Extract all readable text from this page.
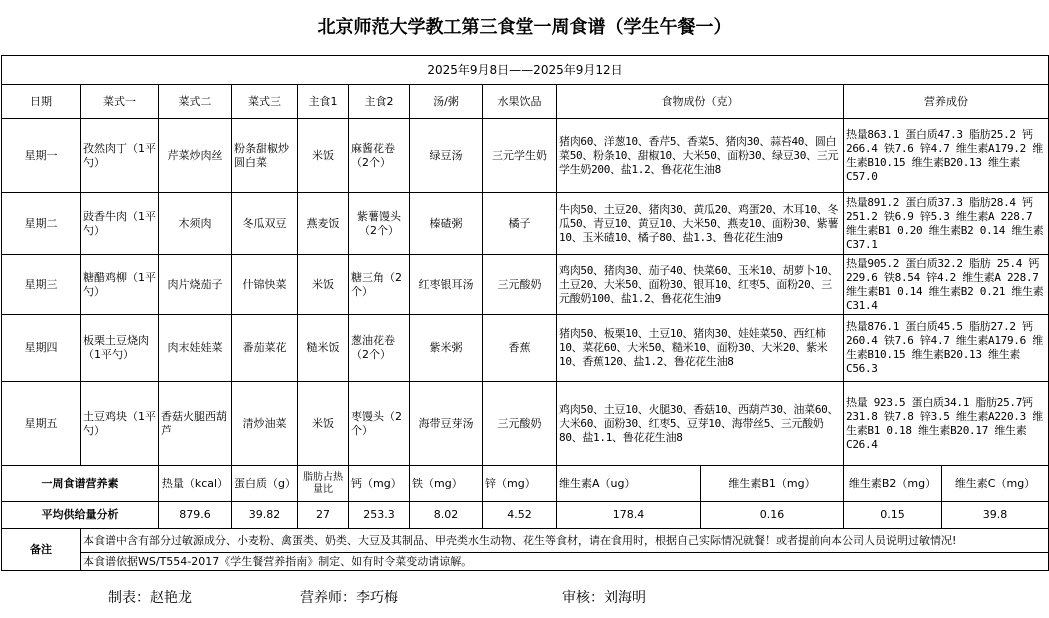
北京师范大学教工第三食堂一周食谱（学生午餐一）
2025年9月8日——2025年9月12日											
日期	菜式一	菜式二	菜式三	主食1	主食2	汤/粥	水果饮品	食物成份（克）		营养成份	
星期一	孜然肉丁（1平勺）	芹菜炒肉丝	粉条甜椒炒圆白菜	米饭	麻酱花卷（2个）	绿豆汤	三元学生奶	猪肉60、洋葱10、香芹5、香菜5、猪肉30、蒜苔40、圆白菜50、粉条10、甜椒10、大米50、面粉30、绿豆30、三元学生奶200、盐1.2、鲁花花生油8		热量863.1 蛋白质47.3 脂肪25.2 钙266.4 铁7.6 锌4.7 维生素A179.2 维生素B10.15 维生素B20.13 维生素C57.0	
星期二	豉香牛肉（1平勺）	木须肉	冬瓜双豆	燕麦饭	紫薯馒头（2个）	榛碴粥	橘子	牛肉50、土豆20、猪肉30、黄瓜20、鸡蛋20、木耳10、冬瓜50、青豆10、黄豆10、大米50、燕麦10、面粉30、紫薯10、玉米碴10、橘子80、盐1.3、鲁花花生油9		热量891.2 蛋白质37.3 脂肪28.4 钙251.2 铁6.9 锌5.3 维生素A 228.7 维生素B1 0.20 维生素B2 0.14 维生素C37.1	
星期三	糖醋鸡柳（1平勺）	肉片烧茄子	什锦快菜	米饭	糖三角（2个）	红枣银耳汤	三元酸奶	鸡肉50、猪肉30、茄子40、快菜60、玉米10、胡萝卜10、土豆20、大米50、面粉30、银耳10、红枣5、面粉20、三元酸奶100、盐1.2、鲁花花生油9		热量905.2 蛋白质32.2 脂肪 25.4 钙229.6 铁8.54 锌4.2 维生素A 228.7 维生素B1 0.14 维生素B2 0.21 维生素C31.4	
星期四	板栗土豆烧肉（1平勺）	肉末娃娃菜	番茄菜花	糙米饭	葱油花卷（2个）	紫米粥	香蕉	猪肉50、板栗10、土豆10、猪肉30、娃娃菜50、西红柿10、菜花60、大米50、糙米10、面粉30、大米20、紫米10、香蕉120、盐1.2、鲁花花生油8		热量876.1 蛋白质45.5 脂肪27.2 钙260.4 铁7.6 锌4.7 维生素A179.6 维生素B10.15 维生素B20.13 维生素C56.3	
星期五	土豆鸡块（1平勺）	香菇火腿西葫芦	清炒油菜	米饭	枣馒头（2个）	海带豆芽汤	三元酸奶	鸡肉50、土豆10、火腿30、香菇10、西葫芦30、油菜60、大米60、面粉30、红枣5、豆芽10、海带丝5、三元酸奶80、盐1.1、鲁花花生油8		热量 923.5 蛋白质34.1 脂肪25.7钙231.8 铁7.8 锌3.5 维生素A220.3 维生素B1 0.18 维生素B20.17 维生素C26.4	
一周食谱营养素		热量（kcal）	蛋白质（g）	脂肪占热量比	钙（mg）	铁（mg）	锌（mg）	维生素A（ug）	维生素B1（mg）	维生素B2（mg）	维生素C（mg）
平均供给量分析		879.6	39.82	27	253.3	8.02	4.52	178.4	0.16	0.15	39.8
备注	本食谱中含有部分过敏源成分、小麦粉、禽蛋类、奶类、大豆及其制品、甲壳类水生动物、花生等食材，请在食用时，根据自己实际情况就餐！或者提前向本公司人员说明过敏情况!										
	本食谱依据WS/T554-2017《学生餐营养指南》制定、如有时令菜变动请谅解。										
制表：赵艳龙	营养师：李巧梅	审核：刘海明
